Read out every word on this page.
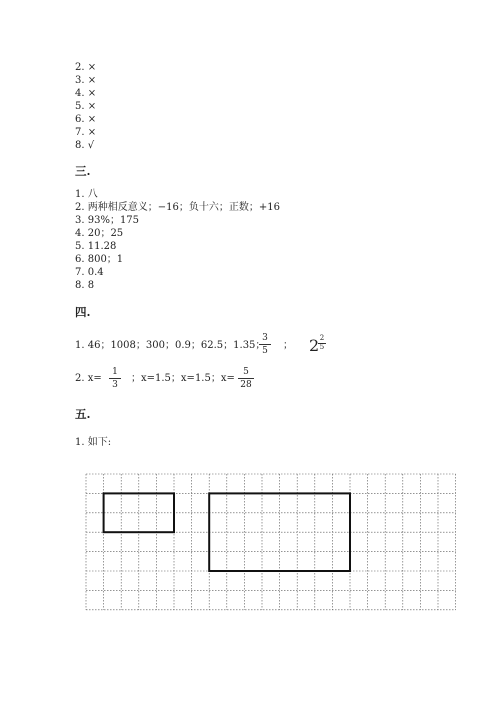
2. ×
3. ×
4. ×
5. ×
6. ×
7. ×
8. √
三.
1. 八
2. 两种相反意义；−16；负十六；正数；+16
3. 93%；175
4. 20；25
5. 11.28
6. 800；1
7. 0.4
8. 8
四.
1. 46；1008；300；0.9；62.5；1.35；
3
5	； 2 2
5
2. x=
1
3
；x=1.5；x=1.5；x=
5
28
五.
1. 如下:
